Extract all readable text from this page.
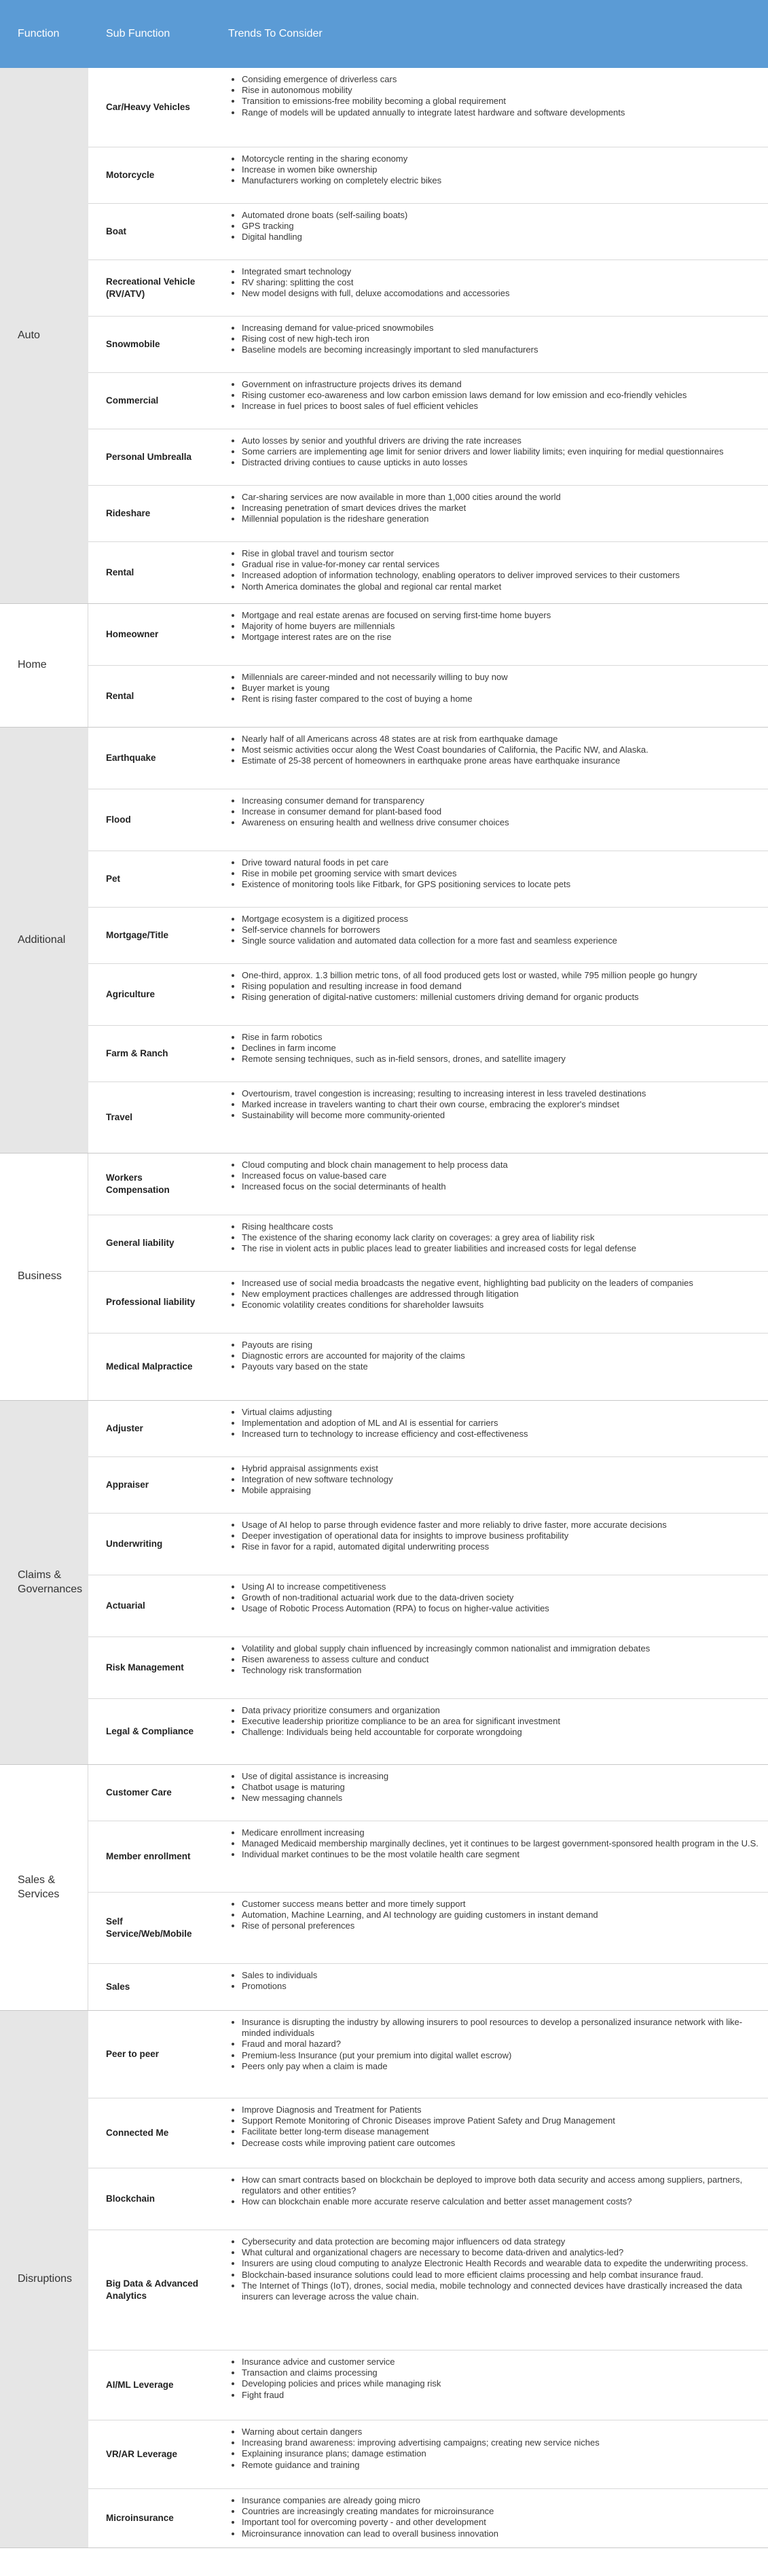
Function	Sub Function	Trends To Consider
Auto
Car/Heavy Vehicles
• Considing emergence of driverless cars
• Rise in autonomous mobility
• Transition to emissions-free mobility becoming a global requirement
• Range of models will be updated annually to integrate latest hardware and software developments
Motorcycle
• Motorcycle renting in the sharing economy
• Increase in women bike ownership
• Manufacturers working on completely electric bikes
Boat
• Automated drone boats (self-sailing boats)
• GPS tracking
• Digital handling
Recreational Vehicle (RV/ATV)
• Integrated smart technology
• RV sharing: splitting the cost
• New model designs with full, deluxe accomodations and accessories
Snowmobile
• Increasing demand for value-priced snowmobiles
• Rising cost of new high-tech iron
• Baseline models are becoming increasingly important to sled manufacturers
Commercial
• Government on infrastructure projects drives its demand
• Rising customer eco-awareness and low carbon emission laws demand for low emission and eco-friendly vehicles
• Increase in fuel prices to boost sales of fuel efficient vehicles
Personal Umbrealla
• Auto losses by senior and youthful drivers are driving the rate increases
• Some carriers are implementing age limit for senior drivers and lower liability limits; even inquiring for medial questionnaires
• Distracted driving contiues to cause upticks in auto losses
Rideshare
• Car-sharing services are now available in more than 1,000 cities around the world
• Increasing penetration of smart devices drives the market
• Millennial population is the rideshare generation
Rental
• Rise in global travel and tourism sector
• Gradual rise in value-for-money car rental services
• Increased adoption of information technology, enabling operators to deliver improved services to their customers
• North America dominates the global and regional car rental market
Home
Homeowner
• Mortgage and real estate arenas are focused on serving first-time home buyers
• Majority of home buyers are millennials
• Mortgage interest rates are on the rise
Rental
• Millennials are career-minded and not necessarily willing to buy now
• Buyer market is young
• Rent is rising faster compared to the cost of buying a home
Additional
Earthquake
• Nearly half of all Americans across 48 states are at risk from earthquake damage
• Most seismic activities occur along the West Coast boundaries of California, the Pacific NW, and Alaska.
• Estimate of 25-38 percent of homeowners in earthquake prone areas have earthquake insurance
Flood
• Increasing consumer demand for transparency
• Increase in consumer demand for plant-based food
• Awareness on ensuring health and wellness drive consumer choices
Pet
• Drive toward natural foods in pet care
• Rise in mobile pet grooming service with smart devices
• Existence of monitoring tools like Fitbark, for GPS positioning services to locate pets
Mortgage/Title
• Mortgage ecosystem is a digitized process
• Self-service channels for borrowers
• Single source validation and automated data collection for a more fast and seamless experience
Agriculture
• One-third, approx. 1.3 billion metric tons, of all food produced gets lost or wasted, while 795 million people go hungry
• Rising population and resulting increase in food demand
• Rising generation of digital-native customers: millenial customers driving demand for organic products
Farm & Ranch
• Rise in farm robotics
• Declines in farm income
• Remote sensing techniques, such as in-field sensors, drones, and satellite imagery
Travel
• Overtourism, travel congestion is increasing; resulting to increasing interest in less traveled destinations
• Marked increase in travelers wanting to chart their own course, embracing the explorer's mindset
• Sustainability will become more community-oriented
Business
Workers Compensation
• Cloud computing and block chain management to help process data
• Increased focus on value-based care
• Increased focus on the social determinants of health
General liability
• Rising healthcare costs
• The existence of the sharing economy lack clarity on coverages: a grey area of liability risk
• The rise in violent acts in public places lead to greater liabilities and increased costs for legal defense
Professional liability
• Increased use of social media broadcasts the negative event, highlighting bad publicity on the leaders of companies
• New employment practices challenges are addressed through litigation
• Economic volatility creates conditions for shareholder lawsuits
Medical Malpractice
• Payouts are rising
• Diagnostic errors are accounted for majority of the claims
• Payouts vary based on the state
Claims & Governances
Adjuster
• Virtual claims adjusting
• Implementation and adoption of ML and AI is essential for carriers
• Increased turn to technology to increase efficiency and cost-effectiveness
Appraiser
• Hybrid appraisal assignments exist
• Integration of new software technology
• Mobile appraising
Underwriting
• Usage of AI helop to parse through evidence faster and more reliably to drive faster, more accurate decisions
• Deeper investigation of operational data for insights to improve business profitability
• Rise in favor for a rapid, automated digital underwriting process
Actuarial
• Using AI to increase competitiveness
• Growth of non-traditional actuarial work due to the data-driven society
• Usage of Robotic Process Automation (RPA) to focus on higher-value activities
Risk Management
• Volatility and global supply chain influenced by increasingly common nationalist and immigration debates
• Risen awareness to assess culture and conduct
• Technology risk transformation
Legal & Compliance
• Data privacy prioritize consumers and organization
• Executive leadership prioritize compliance to be an area for significant investment
• Challenge: Individuals being held accountable for corporate wrongdoing
Sales & Services
Customer Care
• Use of digital assistance is increasing
• Chatbot usage is maturing
• New messaging channels
Member enrollment
• Medicare enrollment increasing
• Managed Medicaid membership marginally declines, yet it continues to be largest government-sponsored health program in the U.S.
• Individual market continues to be the most volatile health care segment
Self Service/Web/Mobile
• Customer success means better and more timely support
• Automation, Machine Learning, and AI technology are guiding customers in instant demand
• Rise of personal preferences
Sales
• Sales to individuals
• Promotions
Disruptions
Peer to peer
• Insurance is disrupting the industry by allowing insurers to pool resources to develop a personalized insurance network with like-minded individuals
• Fraud and moral hazard?
• Premium-less Insurance (put your premium into digital wallet escrow)
• Peers only pay when a claim is made
Connected Me
• Improve Diagnosis and Treatment for Patients
• Support Remote Monitoring of Chronic Diseases improve Patient Safety and Drug Management
• Facilitate better long-term disease management
• Decrease costs while improving patient care outcomes
Blockchain
• How can smart contracts based on blockchain be deployed to improve both data security and access among suppliers, partners, regulators and other entities?
• How can blockchain enable more accurate reserve calculation and better asset management costs?
Big Data & Advanced Analytics
• Cybersecurity and data protection are becoming major influencers od data strategy
• What cultural and organizational chagers are necessary to become data-driven and analytics-led?
• Insurers are using cloud computing to analyze Electronic Health Records and wearable data to expedite the underwriting process.
• Blockchain-based insurance solutions could lead to more efficient claims processing and help combat insurance fraud.
• The Internet of Things (IoT), drones, social media, mobile technology and connected devices have drastically increased the data insurers can leverage across the value chain.
AI/ML Leverage
• Insurance advice and customer service
• Transaction and claims processing
• Developing policies and prices while managing risk
• Fight fraud
VR/AR Leverage
• Warning about certain dangers
• Increasing brand awareness: improving advertising campaigns; creating new service niches
• Explaining insurance plans; damage estimation
• Remote guidance and training
Microinsurance
• Insurance companies are already going micro
• Countries are increasingly creating mandates for microinsurance
• Important tool for overcoming poverty - and other development
• Microinsurance innovation can lead to overall business innovation
